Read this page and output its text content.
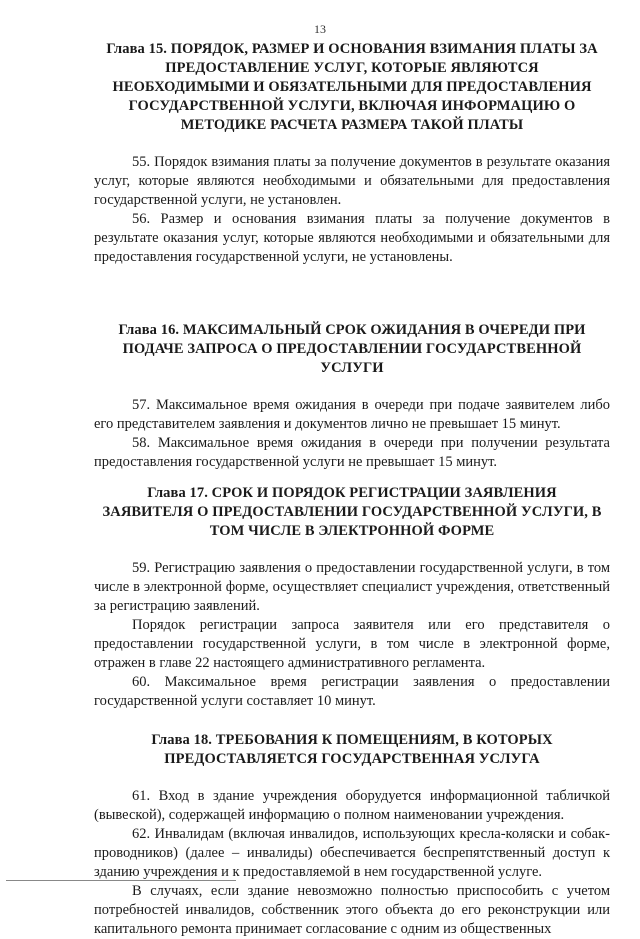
13
Глава 15. ПОРЯДОК, РАЗМЕР И ОСНОВАНИЯ ВЗИМАНИЯ ПЛАТЫ ЗА ПРЕДОСТАВЛЕНИЕ УСЛУГ, КОТОРЫЕ ЯВЛЯЮТСЯ НЕОБХОДИМЫМИ И ОБЯЗАТЕЛЬНЫМИ ДЛЯ ПРЕДОСТАВЛЕНИЯ ГОСУДАРСТВЕННОЙ УСЛУГИ, ВКЛЮЧАЯ ИНФОРМАЦИЮ О МЕТОДИКЕ РАСЧЕТА РАЗМЕРА ТАКОЙ ПЛАТЫ

55. Порядок взимания платы за получение документов в результате оказания услуг, которые являются необходимыми и обязательными для предоставления государственной услуги, не установлен.

56. Размер и основания взимания платы за получение документов в результате оказания услуг, которые являются необходимыми и обязательными для предоставления государственной услуги, не установлены.

Глава 16. МАКСИМАЛЬНЫЙ СРОК ОЖИДАНИЯ В ОЧЕРЕДИ ПРИ ПОДАЧЕ ЗАПРОСА О ПРЕДОСТАВЛЕНИИ ГОСУДАРСТВЕННОЙ УСЛУГИ

57. Максимальное время ожидания в очереди при подаче заявителем либо его представителем заявления и документов лично не превышает 15 минут.

58. Максимальное время ожидания в очереди при получении результата предоставления государственной услуги не превышает 15 минут.

Глава 17. СРОК И ПОРЯДОК РЕГИСТРАЦИИ ЗАЯВЛЕНИЯ ЗАЯВИТЕЛЯ О ПРЕДОСТАВЛЕНИИ ГОСУДАРСТВЕННОЙ УСЛУГИ, В ТОМ ЧИСЛЕ В ЭЛЕКТРОННОЙ ФОРМЕ

59. Регистрацию заявления о предоставлении государственной услуги, в том числе в электронной форме, осуществляет специалист учреждения, ответственный за регистрацию заявлений.

Порядок регистрации запроса заявителя или его представителя о предоставлении государственной услуги, в том числе в электронной форме, отражен в главе 22 настоящего административного регламента.

60. Максимальное время регистрации заявления о предоставлении государственной услуги составляет 10 минут.

Глава 18. ТРЕБОВАНИЯ К ПОМЕЩЕНИЯМ, В КОТОРЫХ ПРЕДОСТАВЛЯЕТСЯ ГОСУДАРСТВЕННАЯ УСЛУГА

61. Вход в здание учреждения оборудуется информационной табличкой (вывеской), содержащей информацию о полном наименовании учреждения.

62. Инвалидам (включая инвалидов, использующих кресла-коляски и собак-проводников) (далее – инвалиды) обеспечивается беспрепятственный доступ к зданию учреждения и к предоставляемой в нем государственной услуге.

В случаях, если здание невозможно полностью приспособить с учетом потребностей инвалидов, собственник этого объекта до его реконструкции или капитального ремонта принимает согласование с одним из общественных
